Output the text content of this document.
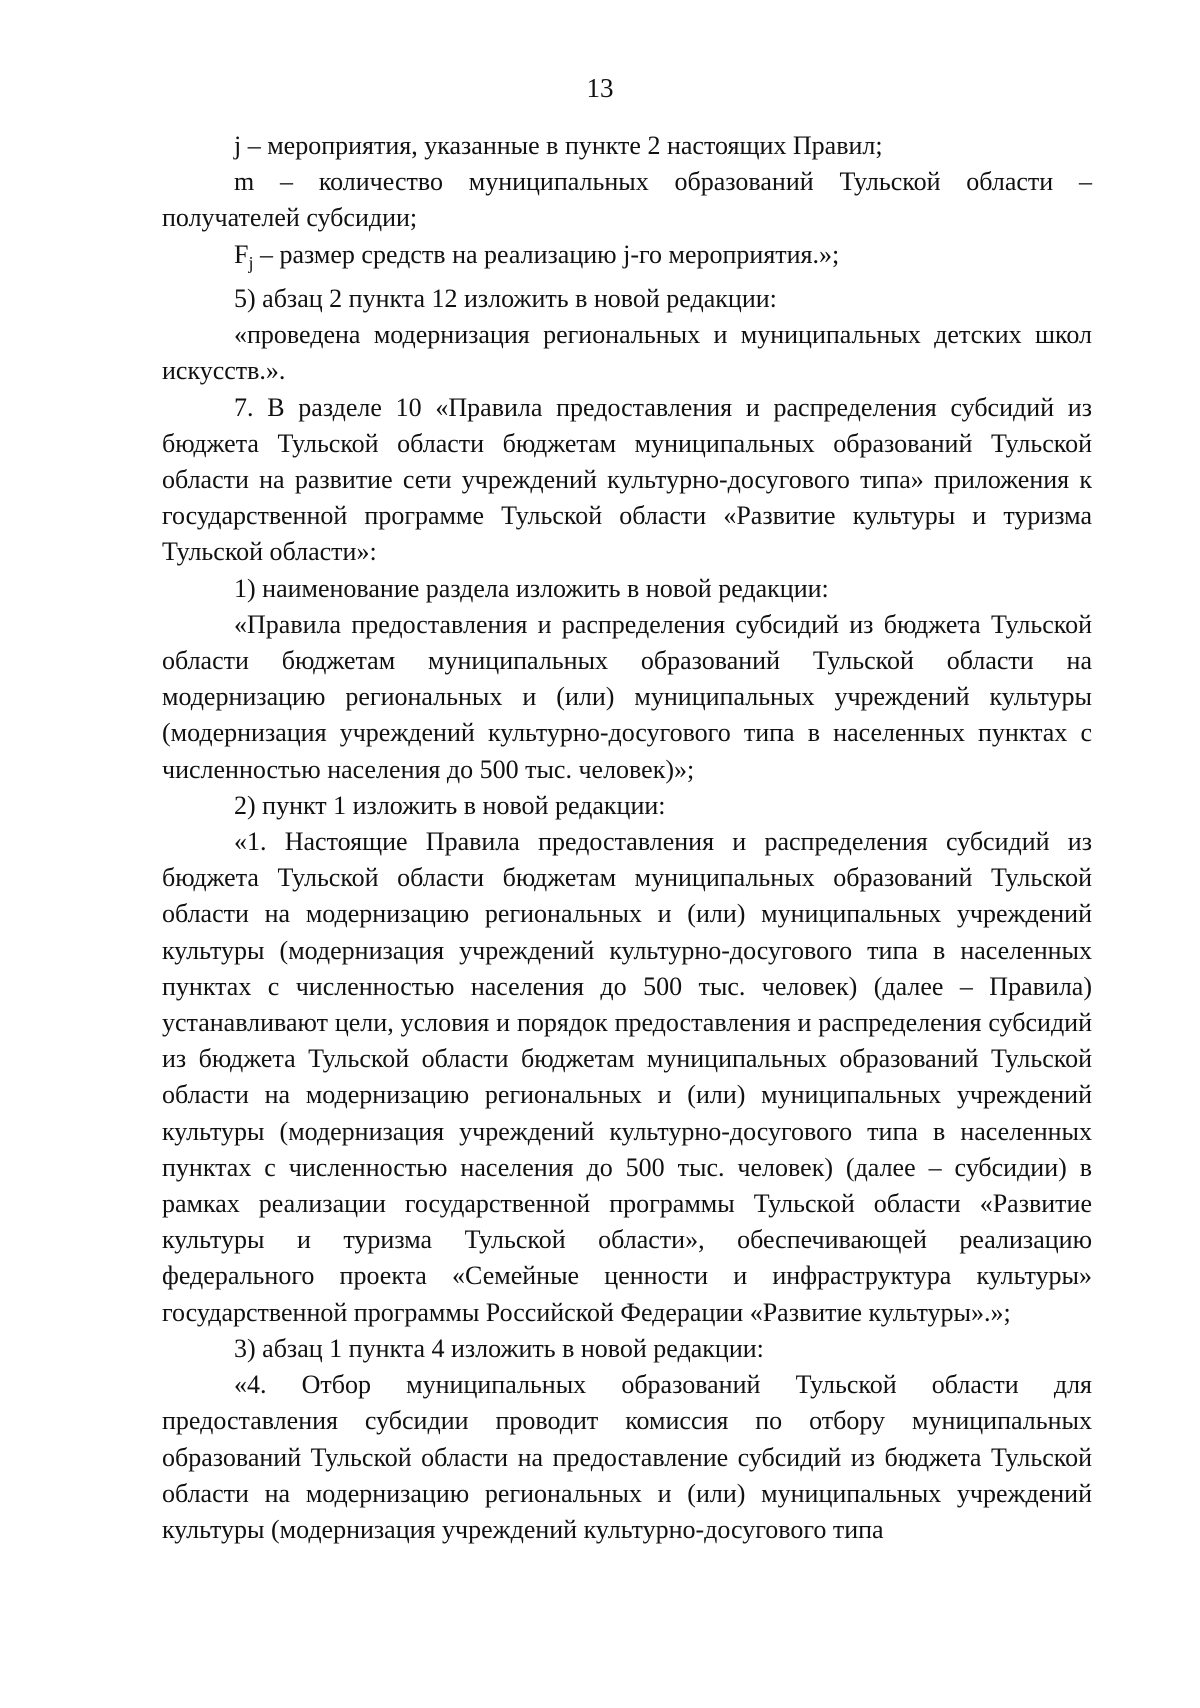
13

j – мероприятия, указанные в пункте 2 настоящих Правил;

m – количество муниципальных образований Тульской области – получателей субсидии;

$F_j$ – размер средств на реализацию j-го мероприятия.»;

5) абзац 2 пункта 12 изложить в новой редакции:

«проведена модернизация региональных и муниципальных детских школ искусств.».

7. В разделе 10 «Правила предоставления и распределения субсидий из бюджета Тульской области бюджетам муниципальных образований Тульской области на развитие сети учреждений культурно-досугового типа» приложения к государственной программе Тульской области «Развитие культуры и туризма Тульской области»:

1) наименование раздела изложить в новой редакции:

«Правила предоставления и распределения субсидий из бюджета Тульской области бюджетам муниципальных образований Тульской области на модернизацию региональных и (или) муниципальных учреждений культуры (модернизация учреждений культурно-досугового типа в населенных пунктах с численностью населения до 500 тыс. человек)»;

2) пункт 1 изложить в новой редакции:

«1. Настоящие Правила предоставления и распределения субсидий из бюджета Тульской области бюджетам муниципальных образований Тульской области на модернизацию региональных и (или) муниципальных учреждений культуры (модернизация учреждений культурно-досугового типа в населенных пунктах с численностью населения до 500 тыс. человек) (далее – Правила) устанавливают цели, условия и порядок предоставления и распределения субсидий из бюджета Тульской области бюджетам муниципальных образований Тульской области на модернизацию региональных и (или) муниципальных учреждений культуры (модернизация учреждений культурно-досугового типа в населенных пунктах с численностью населения до 500 тыс. человек) (далее – субсидии) в рамках реализации государственной программы Тульской области «Развитие культуры и туризма Тульской области», обеспечивающей реализацию федерального проекта «Семейные ценности и инфраструктура культуры» государственной программы Российской Федерации «Развитие культуры».»;

3) абзац 1 пункта 4 изложить в новой редакции:

«4. Отбор муниципальных образований Тульской области для предоставления субсидии проводит комиссия по отбору муниципальных образований Тульской области на предоставление субсидий из бюджета Тульской области на модернизацию региональных и (или) муниципальных учреждений культуры (модернизация учреждений культурно-досугового типа
